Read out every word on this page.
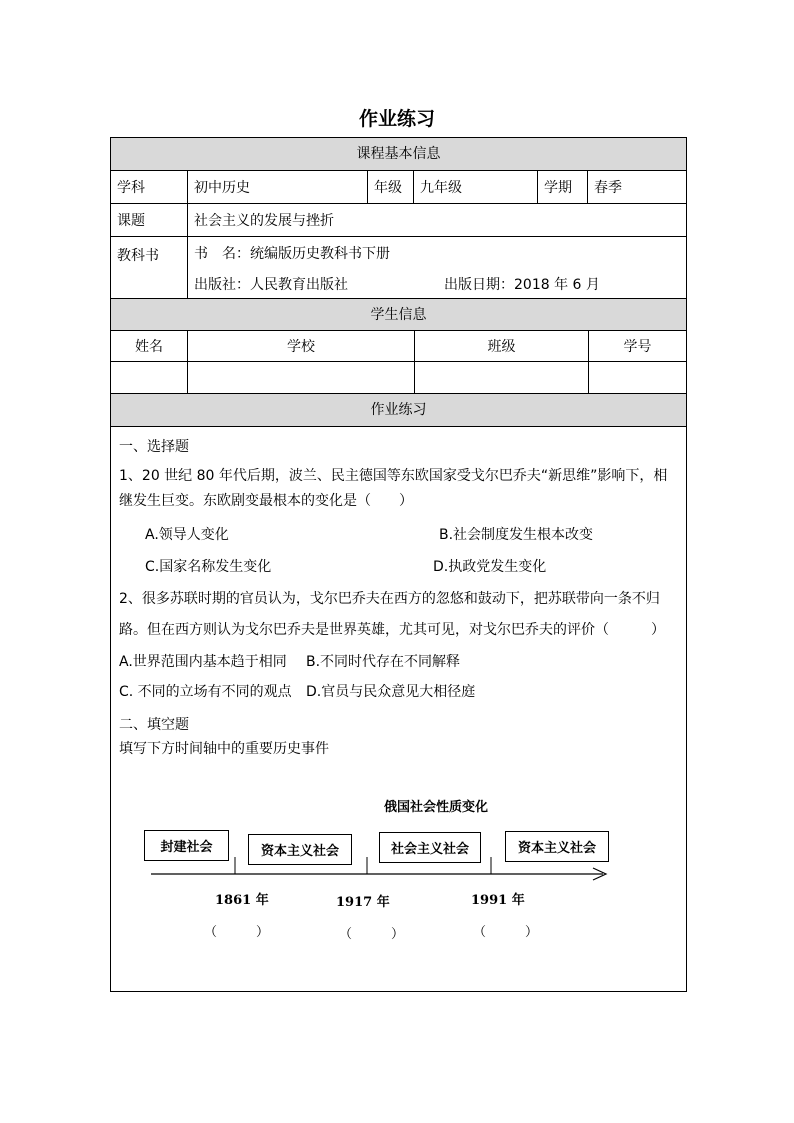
作业练习
课程基本信息
学科	初中历史	年级	九年级	学期	春季
课题	社会主义的发展与挫折
教科书	书　名：统编版历史教科书下册
出版社：人民教育出版社	出版日期：2018 年 6 月
学生信息
姓名	学校	班级	学号
作业练习
一、选择题
1、20 世纪 80 年代后期，波兰、民主德国等东欧国家受戈尔巴乔夫“新思维”影响下，相
继发生巨变。东欧剧变最根本的变化是（　　）
A.领导人变化	B.社会制度发生根本改变
C.国家名称发生变化	D.执政党发生变化
2、很多苏联时期的官员认为，戈尔巴乔夫在西方的忽悠和鼓动下，把苏联带向一条不归
路。但在西方则认为戈尔巴乔夫是世界英雄，尤其可见，对戈尔巴乔夫的评价（　　　）
A.世界范围内基本趋于相同 B.不同时代存在不同解释
C. 不同的立场有不同的观点 D.官员与民众意见大相径庭
二、填空题
填写下方时间轴中的重要历史事件
俄国社会性质变化
封建社会	资本主义社会	社会主义社会	资本主义社会
1861 年	1917 年	1991 年
（　　　）	（　　　）	（　　　）
